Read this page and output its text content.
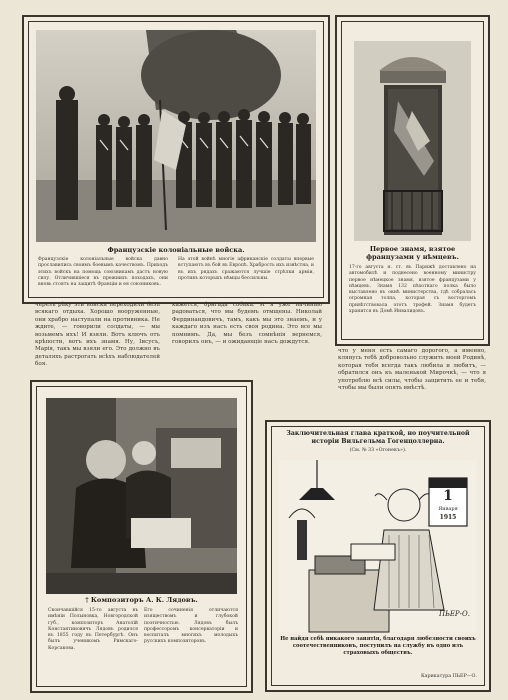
Французскіе колоніальные войска.
Французскіе колоніальные войска давно прославились своимъ боевымъ качествомъ. Приходъ этихъ войскъ на помощь союзникамъ дастъ новую силу. Отличившіеся въ прежнихъ походахъ, они вновь стоятъ на защитѣ Франціи и ея союзниковъ.
На этой войнѣ многіе африканскіе солдаты впервые вступаютъ въ бой въ Европѣ. Храбрость ихъ извѣстна, и въ ихъ рядахъ сражаются лучшіе стрѣлки арміи, противъ которыхъ нѣмцы бессильны.
Первое знамя, взятое французами у нѣмцевъ.
17-го августа н. ст. въ Парижѣ доставлено на автомобилѣ и поднесено военному министру первое нѣмецкое знамя, взятое французами у нѣмцевъ. Знамя 132 пѣхотнаго полка было выставлено въ окнѣ министерства, гдѣ собралась огромная толпа, которая съ восторгомъ привѣтствовала этотъ трофей. Знамя будетъ хранится въ Домѣ Инвалидовъ.
черезъ рѣку эти войска переходили безъ всякаго отдыха. Хорошо вооруженные, они храбро наступали на противника. Не ждите, — говорили солдаты, — мы возьмемъ ихъ! И взяли. Вотъ ключъ отъ крѣпости, вотъ ихъ знамя. Ну, Іисусъ, Марія, такъ мы взяли его. Это должно въ деталяхъ растрогать всѣхъ наблюдателей боя.
кажется, бригада собака. И я уже начинаю радоваться, что мы будемъ отмщены. Николай Фердинандовичъ, тамъ, какъ мы это знаемъ, и у каждаго изъ насъ есть своя родина. Это все мы помнимъ. Да, мы безъ сомнѣнія вернемся, говорилъ онъ, — и ожидающіе насъ дождутся.
что у меня есть самаго дорогого, а именно, клянусь тебѣ добровольно служить моей Родинѣ, которая тебя всегда такъ любила и любитъ, — обратился онъ къ маленькой Мирочкѣ, — что я употреблю всѣ силы, чтобы защитить ее и тебя, чтобы мы были опять вмѣстѣ.
† Композиторъ А. К. Лядовъ.
Скончавшійся 15-го августа въ имѣніи Полыновка, Новгородской губ., композиторъ Анатолій Константиновичъ Лядовъ родился въ 1855 году въ Петербургѣ. Онъ былъ ученикомъ Римскаго-Корсакова.
Его сочиненія отличаются изяществомъ и глубокой поэтичностью. Лядовъ былъ профессоромъ консерваторіи и воспиталъ многихъ молодыхъ русскихъ композиторовъ.
Заключительная глава краткой, но поучительной исторіи Вильгельма Гогенцоллерна.
(См. № 33 «Огонекъ»).
1
Января
1915
ПЬЕР-О.
Не найдя себѣ никакого занятія, благодаря любезности своихъ соотечественниковъ, поступилъ на службу въ одно изъ страховыхъ обществъ.
Карикатура ПЬЕР—О.
